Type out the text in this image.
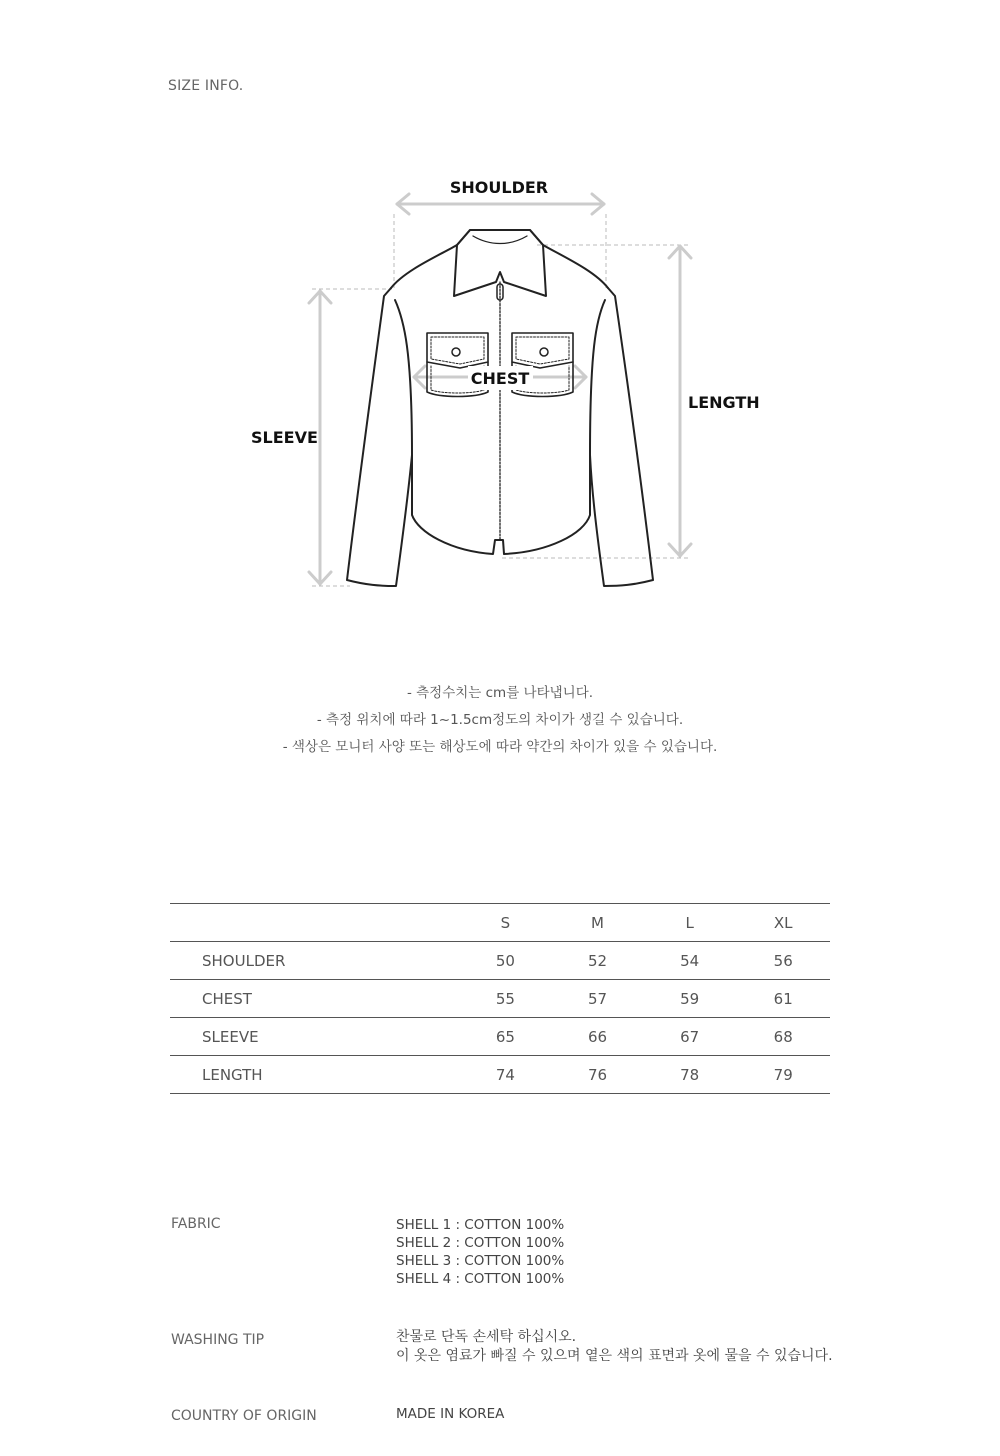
SIZE INFO.
SHOULDER
CHEST
LENGTH
SLEEVE
- 측정수치는 cm를 나타냅니다.
- 측정 위치에 따라 1~1.5cm정도의 차이가 생길 수 있습니다.
- 색상은 모니터 사양 또는 해상도에 따라 약간의 차이가 있을 수 있습니다.
	S	M	L	XL
SHOULDER	50	52	54	56
CHEST	55	57	59	61
SLEEVE	65	66	67	68
LENGTH	74	76	78	79
FABRIC	SHELL 1 : COTTON 100%
SHELL 2 : COTTON 100%
SHELL 3 : COTTON 100%
SHELL 4 : COTTON 100%
WASHING TIP	찬물로 단독 손세탁 하십시오.
이 옷은 염료가 빠질 수 있으며 옅은 색의 표면과 옷에 물을 수 있습니다.
COUNTRY OF ORIGIN	MADE IN KOREA
